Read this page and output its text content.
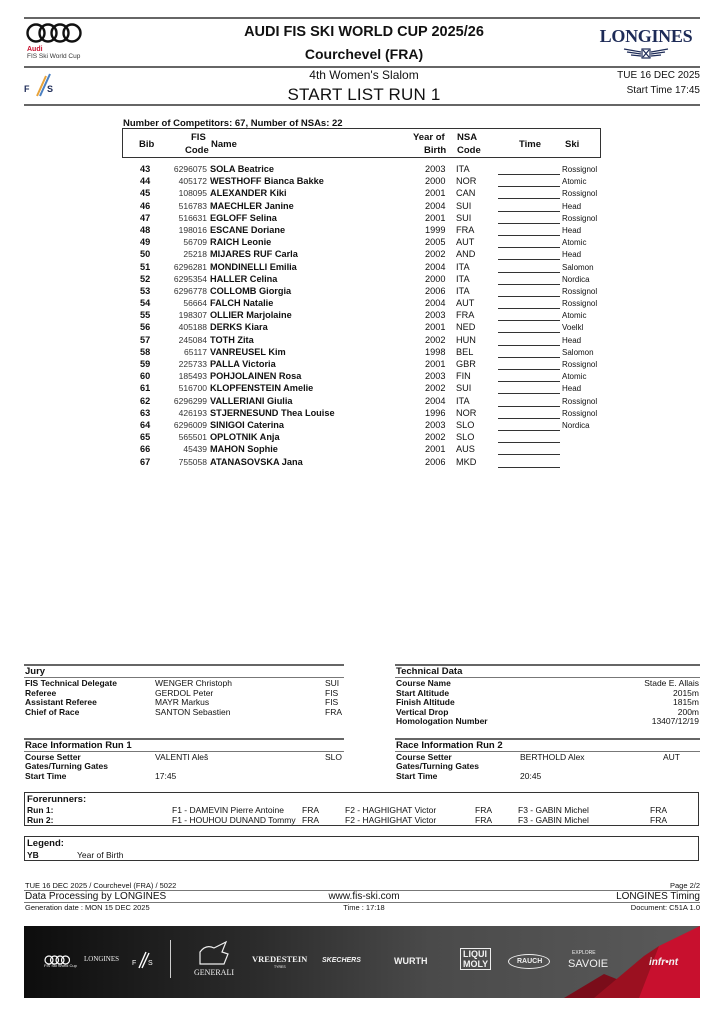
Audi
FIS Ski World Cup
AUDI FIS SKI WORLD CUP 2025/26
Courchevel (FRA)
LONGINES
F S
4th Women's Slalom
START LIST RUN 1
TUE 16 DEC 2025
Start Time 17:45
Number of Competitors: 67, Number of NSAs: 22
Bib
FIS
Code
Name
Year of
Birth
NSA
Code
Time	Ski
43	6296075 SOLA Beatrice	2003 ITA	Rossignol
44	405172 WESTHOFF Bianca Bakke	2000 NOR	Atomic
45	108095 ALEXANDER Kiki	2001 CAN	Rossignol
46	516783 MAECHLER Janine	2004 SUI	Head
47	516631 EGLOFF Selina	2001 SUI	Rossignol
48	198016 ESCANE Doriane	1999 FRA	Head
49	56709 RAICH Leonie	2005 AUT	Atomic
50	25218 MIJARES RUF Carla	2002 AND	Head
51	6296281 MONDINELLI Emilia	2004 ITA	Salomon
52	6295354 HALLER Celina	2000 ITA	Nordica
53	6296778 COLLOMB Giorgia	2006 ITA	Rossignol
54	56664 FALCH Natalie	2004 AUT	Rossignol
55	198307 OLLIER Marjolaine	2003 FRA	Atomic
56	405188 DERKS Kiara	2001 NED	Voelkl
57	245084 TOTH Zita	2002 HUN	Head
58	65117 VANREUSEL Kim	1998 BEL	Salomon
59	225733 PALLA Victoria	2001 GBR	Rossignol
60	185493 POHJOLAINEN Rosa	2003 FIN	Atomic
61	516700 KLOPFENSTEIN Amelie	2002 SUI	Head
62	6296299 VALLERIANI Giulia	2004 ITA	Rossignol
63	426193 STJERNESUND Thea Louise	1996 NOR	Rossignol
64	6296009 SINIGOI Caterina	2003 SLO	Nordica
65	565501 OPLOTNIK Anja	2002 SLO
66	45439 MAHON Sophie	2001 AUS
67	755058 ATANASOVSKA Jana	2006 MKD
Jury
FIS Technical Delegate	WENGER Christoph	SUI
Referee	GERDOL Peter	FIS
Assistant Referee	MAYR Markus	FIS
Chief of Race	SANTON Sebastien	FRA
Technical Data
Course Name	Stade E. Allais
Start Altitude	2015m
Finish Altitude	1815m
Vertical Drop	200m
Homologation Number	13407/12/19
Race Information Run 1
Course Setter	VALENTI Aleš	SLO
Gates/Turning Gates
Start Time	17:45
Race Information Run 2
Course Setter	BERTHOLD Alex	AUT
Gates/Turning Gates
Start Time	20:45
Forerunners:
Run 1:	F1 - DAMEVIN Pierre Antoine FRA	F2 - HAGHIGHAT Victor	FRA	F3 - GABIN Michel	FRA
Run 2:	F1 - HOUHOU DUNAND Tommy FRA	F2 - HAGHIGHAT Victor	FRA	F3 - GABIN Michel	FRA
Legend:
YB	Year of Birth
TUE 16 DEC 2025 / Courchevel (FRA) / 5022	Page 2/2
Data Processing by LONGINES	www.fis-ski.com	LONGINES Timing
Generation date : MON 15 DEC 2025	Time : 17:18	Document: C51A 1.0
FIS Ski World Cup
LONGINES
F S
GENERALI
VREDESTEIN
TYRES
SKECHERS	WURTH
LIQUI
MOLY	RAUCH
EXPLORE
SAVOIE	infr•nt
